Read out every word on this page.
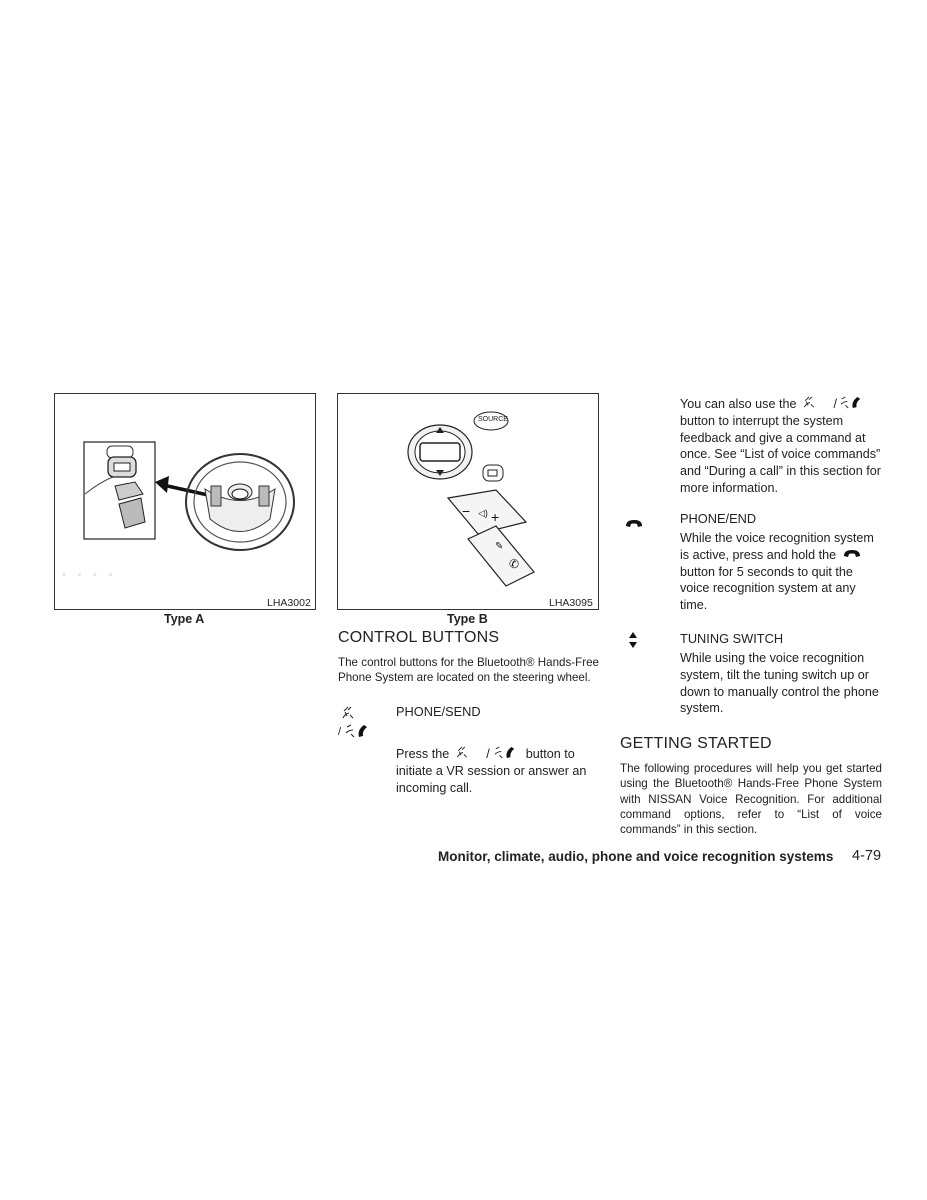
. . . .
LHA3002
Type A
− ◁) +
✎
✆
SOURCE
LHA3095
Type B
CONTROL BUTTONS
The control buttons for the Bluetooth® Hands-Free Phone System are located on the steering wheel.
PHONE/SEND
/
Press the	/	button to
initiate a VR session or answer an incoming call.
You can also use the	/
button to interrupt the system feedback and give a command at once. See “List of voice commands” and “During a call” in this section for more information.
PHONE/END
While the voice recognition system
is active, press and hold the
button for 5 seconds to quit the voice recognition system at any time.
TUNING SWITCH
While using the voice recognition system, tilt the tuning switch up or down to manually control the phone system.
GETTING STARTED
The following procedures will help you get started using the Bluetooth® Hands-Free Phone System with NISSAN Voice Recognition. For additional command options, refer to “List of voice commands” in this section.
Monitor, climate, audio, phone and voice recognition systems 4-79
